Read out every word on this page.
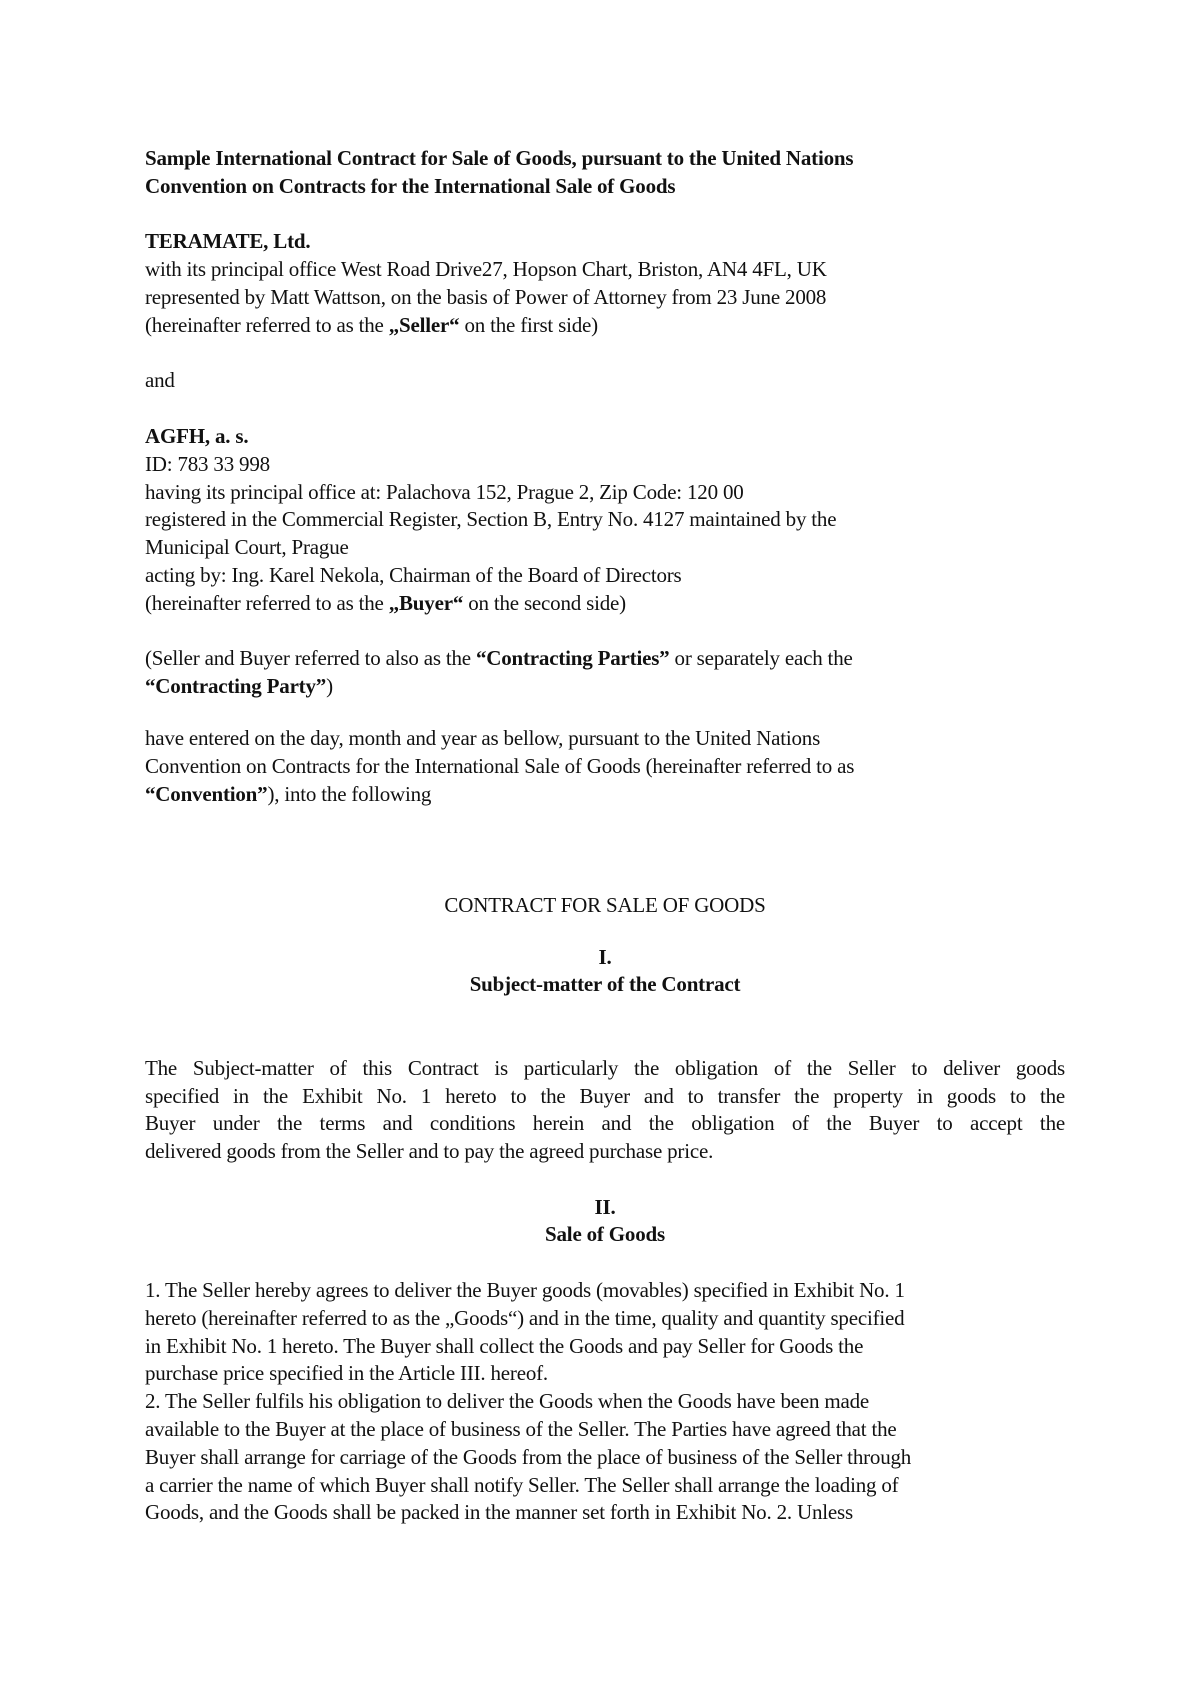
Sample International Contract for Sale of Goods, pursuant to the United Nations
Convention on Contracts for the International Sale of Goods
TERAMATE, Ltd.
with its principal office West Road Drive27, Hopson Chart, Briston, AN4 4FL, UK
represented by Matt Wattson, on the basis of Power of Attorney from 23 June 2008
(hereinafter referred to as the „Seller“ on the first side)
and
AGFH, a. s.
ID: 783 33 998
having its principal office at: Palachova 152, Prague 2, Zip Code: 120 00
registered in the Commercial Register, Section B, Entry No. 4127 maintained by the
Municipal Court, Prague
acting by: Ing. Karel Nekola, Chairman of the Board of Directors
(hereinafter referred to as the „Buyer“ on the second side)
(Seller and Buyer referred to also as the “Contracting Parties” or separately each the
“Contracting Party”)
have entered on the day, month and year as bellow, pursuant to the United Nations
Convention on Contracts for the International Sale of Goods (hereinafter referred to as
“Convention”), into the following
CONTRACT FOR SALE OF GOODS
I.
Subject-matter of the Contract
The Subject-matter of this Contract is particularly the obligation of the Seller to deliver goods
specified in the Exhibit No. 1 hereto to the Buyer and to transfer the property in goods to the
Buyer under the terms and conditions herein and the obligation of the Buyer to accept the
delivered goods from the Seller and to pay the agreed purchase price.
II.
Sale of Goods
1. The Seller hereby agrees to deliver the Buyer goods (movables) specified in Exhibit No. 1
hereto (hereinafter referred to as the „Goods“) and in the time, quality and quantity specified
in Exhibit No. 1 hereto. The Buyer shall collect the Goods and pay Seller for Goods the
purchase price specified in the Article III. hereof.
2. The Seller fulfils his obligation to deliver the Goods when the Goods have been made
available to the Buyer at the place of business of the Seller. The Parties have agreed that the
Buyer shall arrange for carriage of the Goods from the place of business of the Seller through
a carrier the name of which Buyer shall notify Seller. The Seller shall arrange the loading of
Goods, and the Goods shall be packed in the manner set forth in Exhibit No. 2. Unless
